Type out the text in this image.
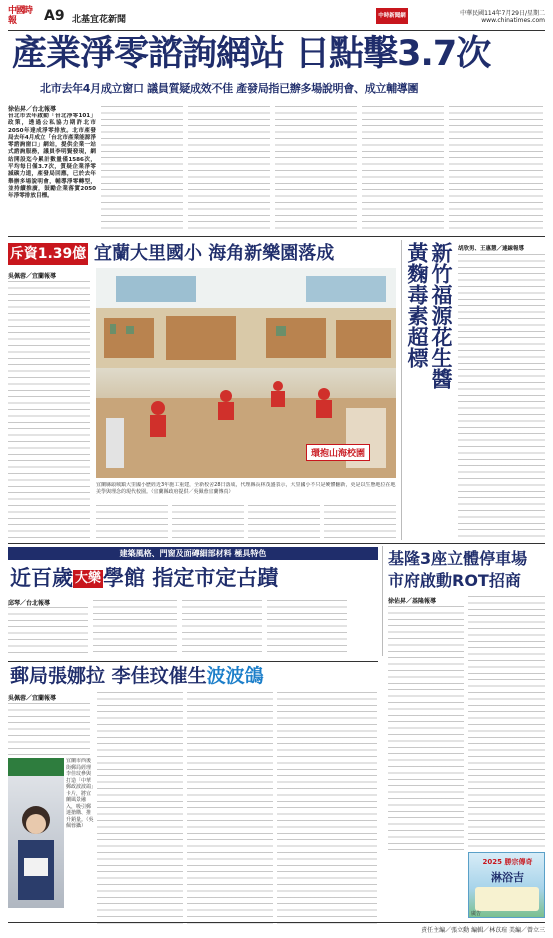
中國時報	A9 北基宜花新聞	中時新聞網	中華民國114年7月29日/星期二
www.chinatimes.com
產業淨零諮詢網站 日點擊3.7次
北市去年4月成立窗口 議員質疑成效不佳 產發局指已辦多場說明會、成立輔導團
徐佑昇／台北報導
台北市去年啟動「台北淨零101」政策，透過公私協力期許北市2050年達成淨零排放。北市產發局去年4月成立「台北市產業能源淨零諮詢窗口」網站，提供企業一站式諮詢服務，議員李明賢發現，網站開設迄今累計數量僅1586次，平均每日僅3.7次，質疑企業淨零減碳力道，產發局回應，已於去年舉辦多場說明會，輔導淨零轉型，並持續推廣，鼓勵企業落實2050年淨零排放目標。
斥資1.39億 宜蘭大里國小 海角新樂園落成
吳佩蓉／宜蘭報導
環抱山海校園
宜蘭縣頭城鎮大里國小歷經近3年施工重建，全新校舍28日落成，代理縣長林茂盛表示，大里國小不只是硬體翻新，更是以生態地位在地美學與理念的現代校園。（宜蘭縣政府提供／吳佩蓉宜蘭傳真）
黃麴毒素超標 新竹福源花生醬 胡欣男、王惠慧／連線報導
建築風格、門窗及面磚細部材料 極具特色
近百歲 大樂學館 指定市定古蹟
邱琴／台北報導
基隆3座立體停車場
市府啟動ROT招商
徐佑昇／基隆報導
郵局張娜拉 李佳玟催生波波鴿
吳佩蓉／宜蘭報導
宜蘭市西後街郵局經理李佳玟參與打造「中華郵政波波鴿」卡片，將宜蘭風景融入，吸引郵迷搶購、推升銷量。（吳佩蓉攝）
2025 勝宗傳奇
淋浴吉
廣告
責任主編／張立勳 編輯／林苡瑄 美編／曾立三
